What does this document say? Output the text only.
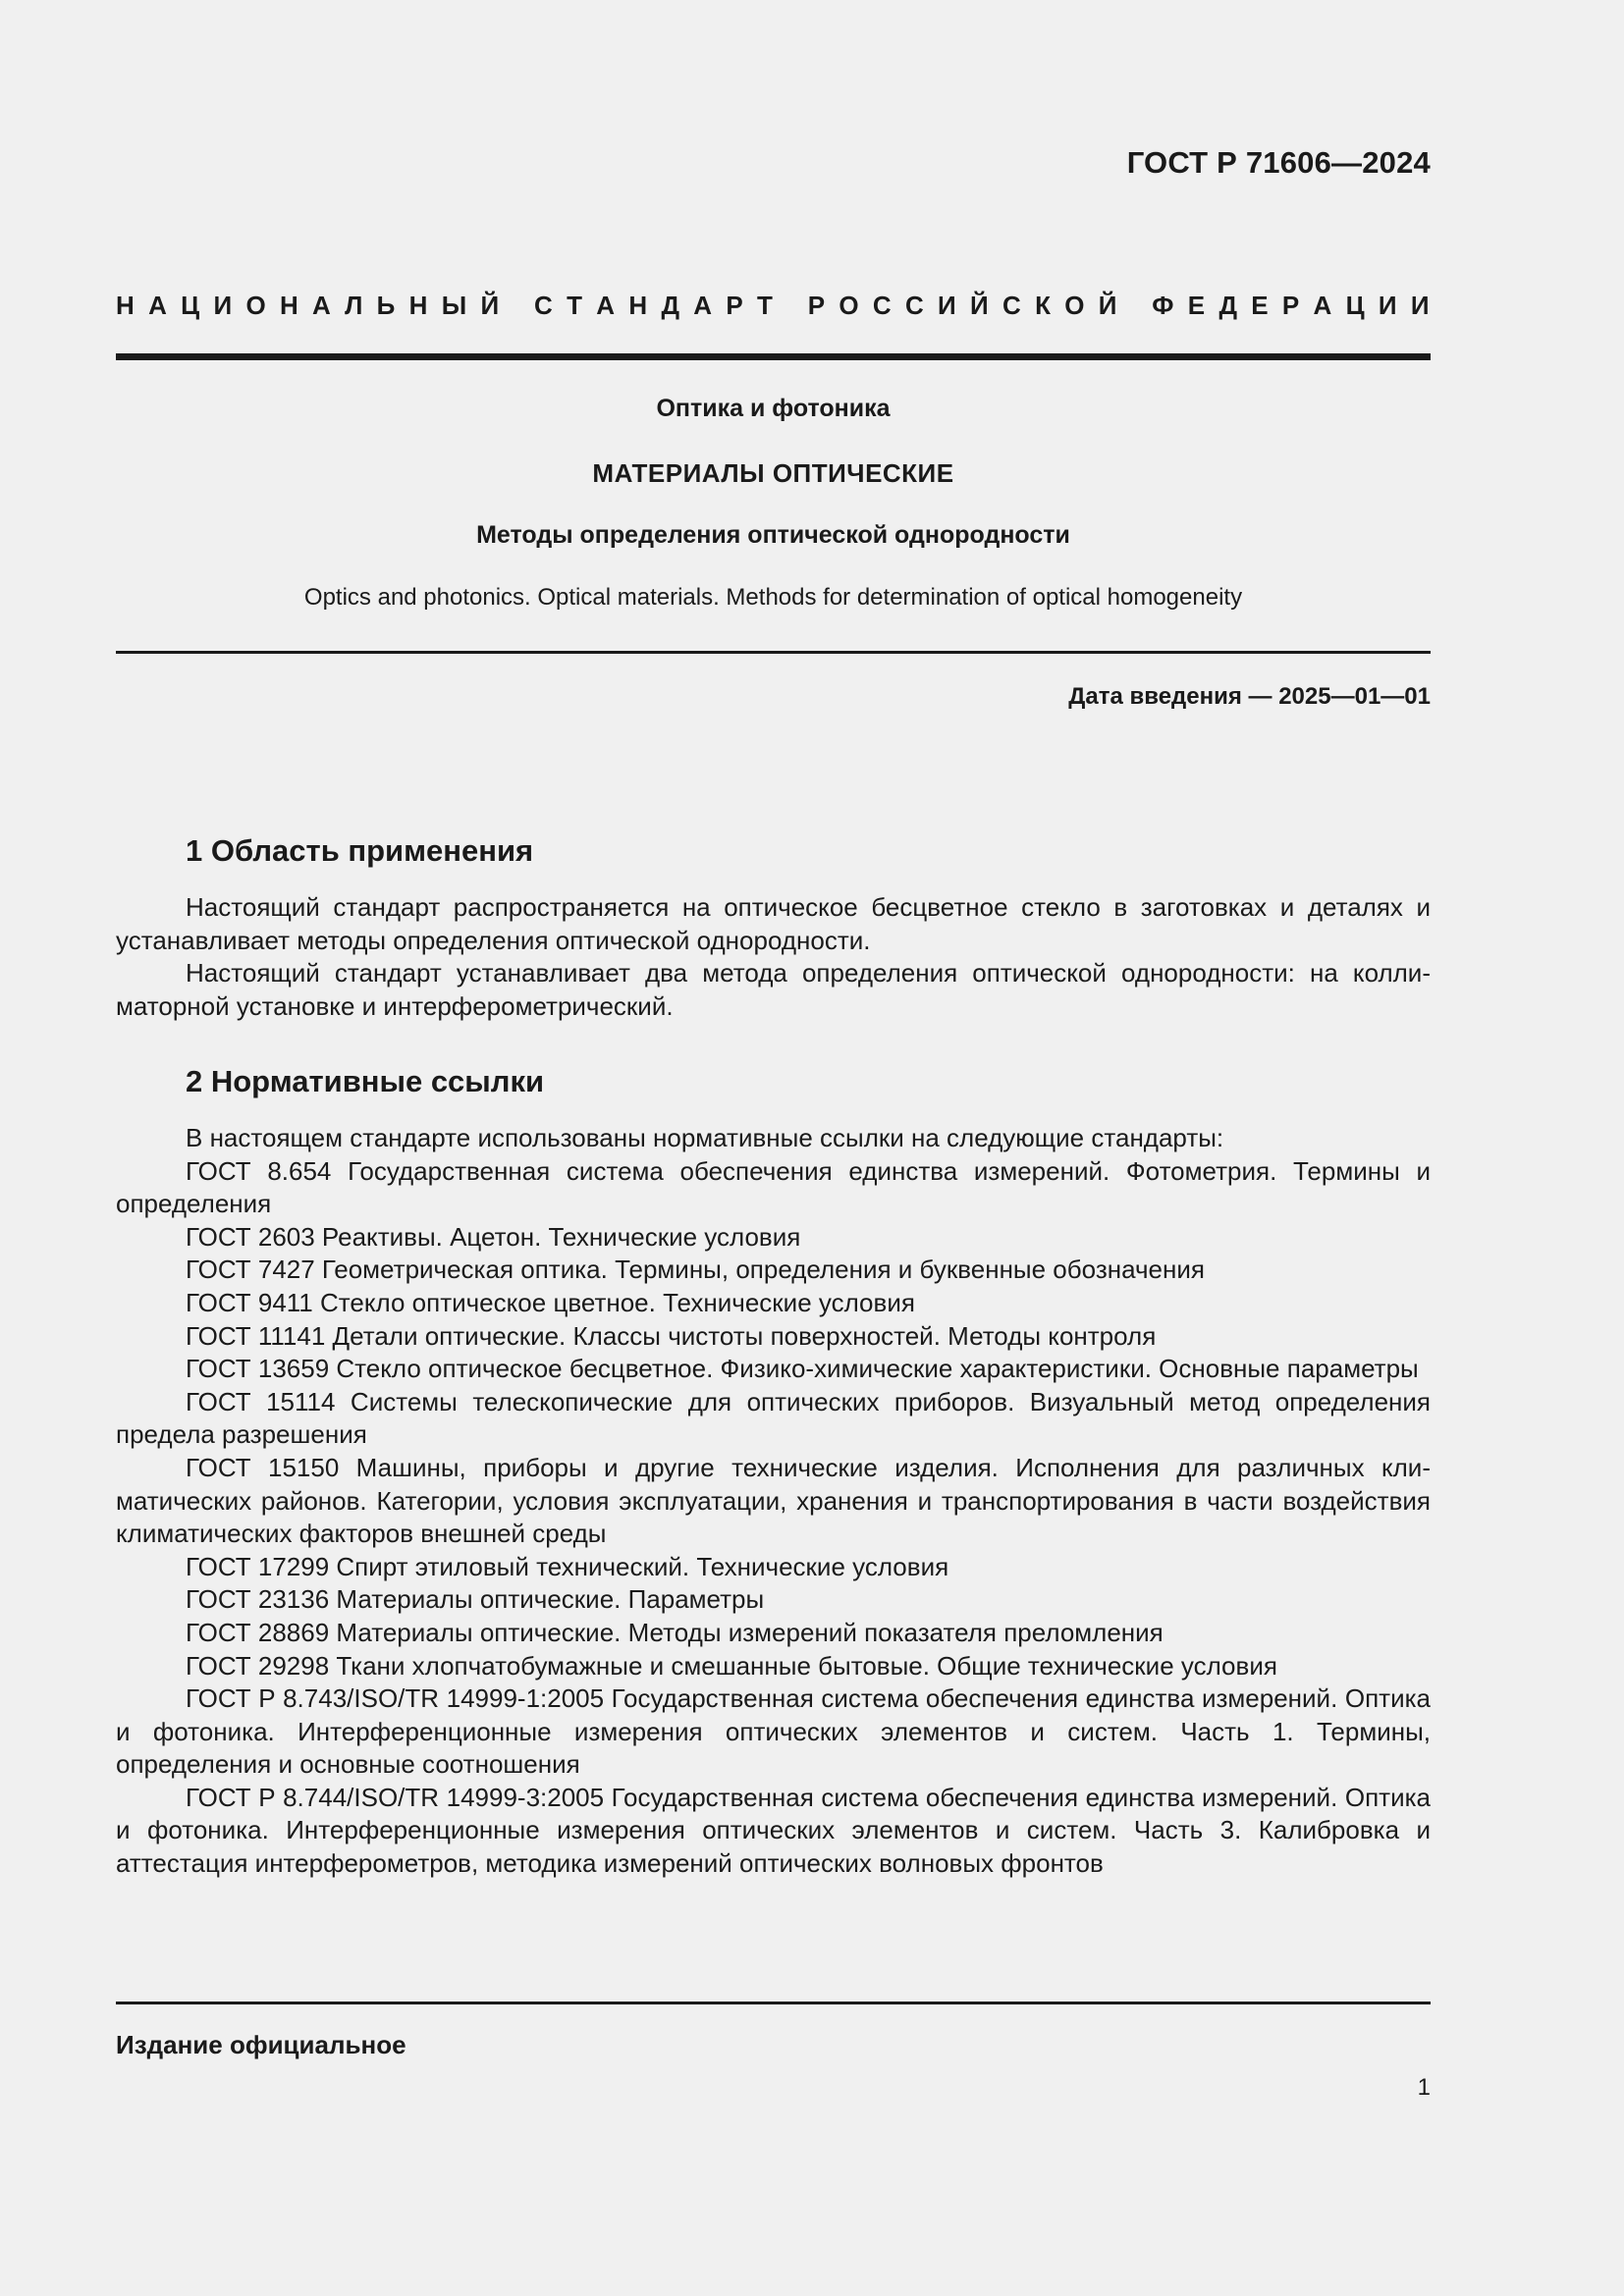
ГОСТ Р 71606—2024
Н А Ц И О Н А Л Ь Н Ы Й
С Т А Н Д А Р Т
Р О С С И Й С К О Й
Ф Е Д Е Р А Ц И И
Оптика и фотоника
МАТЕРИАЛЫ ОПТИЧЕСКИЕ
Методы определения оптической однородности
Optics and photonics. Optical materials. Methods for determination of optical homogeneity
Дата введения — 2025—01—01
1 Область применения

Настоящий стандарт распространяется на оптическое бесцветное стекло в заготовках и деталях и устанавливает методы определения оптической однородности.

Настоящий стандарт устанавливает два метода определения оптической однородности: на коллиматорной установке и интерферометрический.

2 Нормативные ссылки

В настоящем стандарте использованы нормативные ссылки на следующие стандарты:

ГОСТ 8.654 Государственная система обеспечения единства измерений. Фотометрия. Термины и определения

ГОСТ 2603 Реактивы. Ацетон. Технические условия

ГОСТ 7427 Геометрическая оптика. Термины, определения и буквенные обозначения

ГОСТ 9411 Стекло оптическое цветное. Технические условия

ГОСТ 11141 Детали оптические. Классы чистоты поверхностей. Методы контроля

ГОСТ 13659 Стекло оптическое бесцветное. Физико-химические характеристики. Основные параметры

ГОСТ 15114 Системы телескопические для оптических приборов. Визуальный метод определения предела разрешения

ГОСТ 15150 Машины, приборы и другие технические изделия. Исполнения для различных климатических районов. Категории, условия эксплуатации, хранения и транспортирования в части воздействия климатических факторов внешней среды

ГОСТ 17299 Спирт этиловый технический. Технические условия

ГОСТ 23136 Материалы оптические. Параметры

ГОСТ 28869 Материалы оптические. Методы измерений показателя преломления

ГОСТ 29298 Ткани хлопчатобумажные и смешанные бытовые. Общие технические условия

ГОСТ Р 8.743/ISO/TR 14999-1:2005 Государственная система обеспечения единства измерений. Оптика и фотоника. Интерференционные измерения оптических элементов и систем. Часть 1. Термины, определения и основные соотношения

ГОСТ Р 8.744/ISO/TR 14999-3:2005 Государственная система обеспечения единства измерений. Оптика и фотоника. Интерференционные измерения оптических элементов и систем. Часть 3. Калибровка и аттестация интерферометров, методика измерений оптических волновых фронтов

Издание официальное
1
